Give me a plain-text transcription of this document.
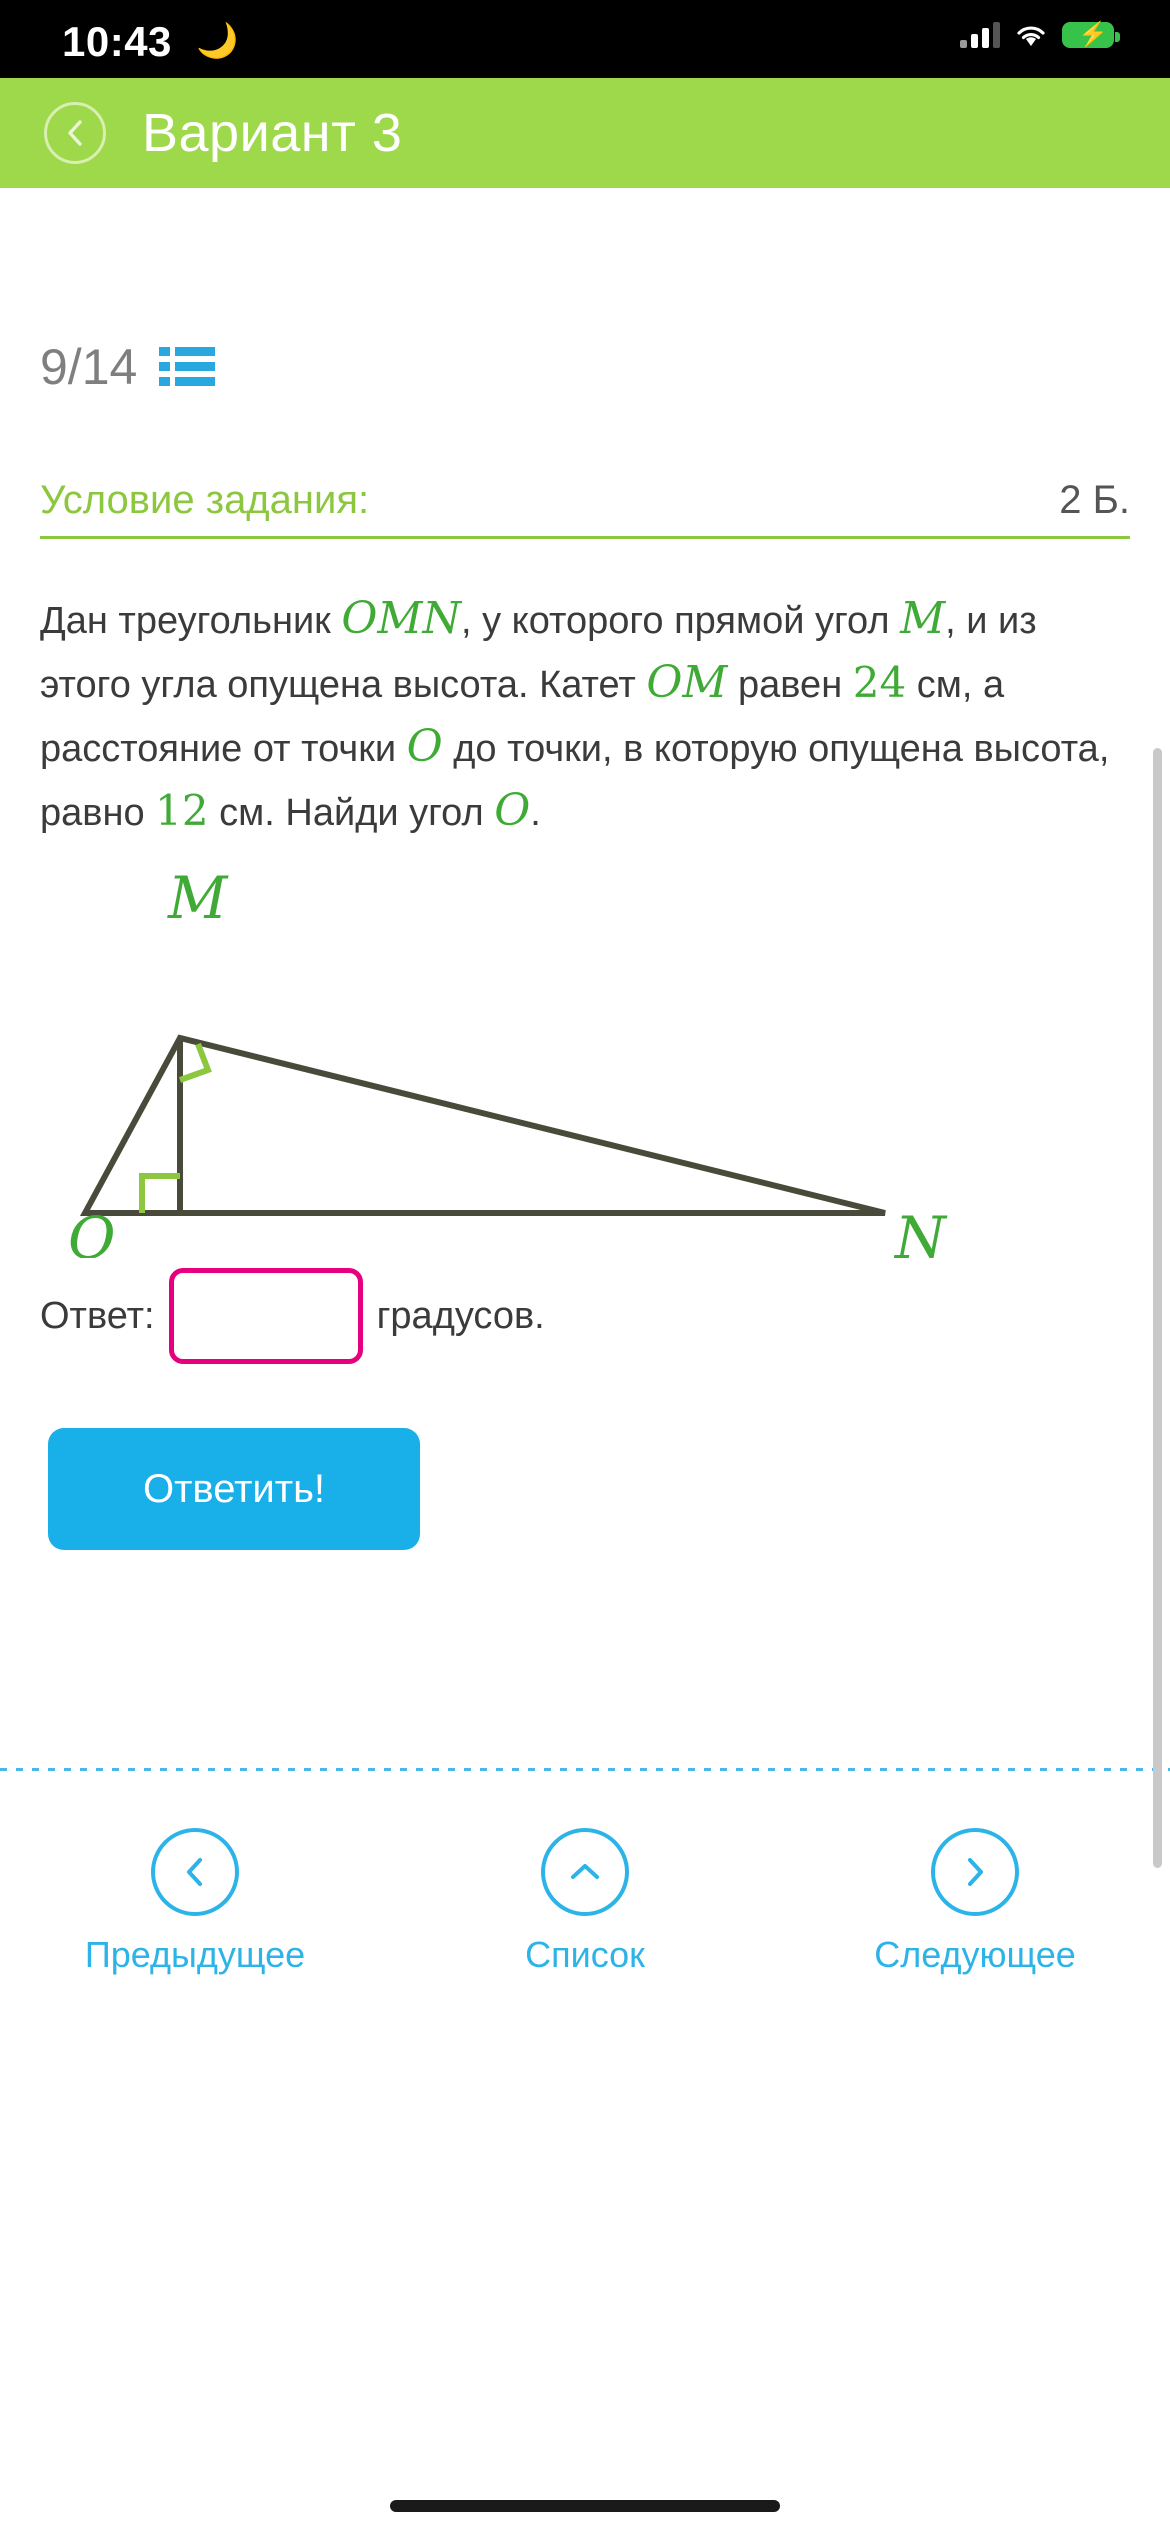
10:43 🌙	⚡
Вариант 3
9/14
Условие задания:	2 Б.
Дан треугольник OMN, у которого прямой угол M, и из этого угла опущена высота. Катет OM равен 24 см, а расстояние от точки O до точки, в которую опущена высота, равно 12 см. Найди угол O.
M
O	N
Ответ:	градусов.
Ответить!
Предыдущее	Список	Следующее
